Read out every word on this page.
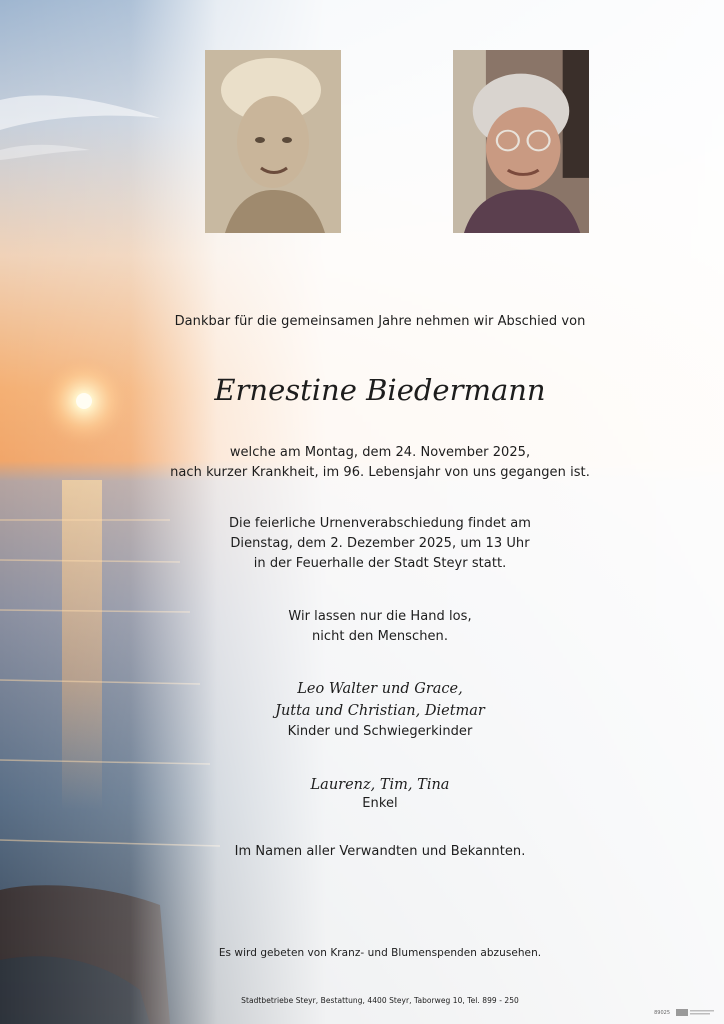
Dankbar für die gemeinsamen Jahre nehmen wir Abschied von
Ernestine Biedermann
welche am Montag, dem 24. November 2025,
nach kurzer Krankheit, im 96. Lebensjahr von uns gegangen ist.
Die feierliche Urnenverabschiedung findet am
Dienstag, dem 2. Dezember 2025, um 13 Uhr
in der Feuerhalle der Stadt Steyr statt.
Wir lassen nur die Hand los,
nicht den Menschen.
Leo Walter und Grace,
Jutta und Christian, Dietmar
Kinder und Schwiegerkinder
Laurenz, Tim, Tina
Enkel
Im Namen aller Verwandten und Bekannten.
Es wird gebeten von Kranz- und Blumenspenden abzusehen.
Stadtbetriebe Steyr, Bestattung, 4400 Steyr, Taborweg 10, Tel. 899 - 250
89025
